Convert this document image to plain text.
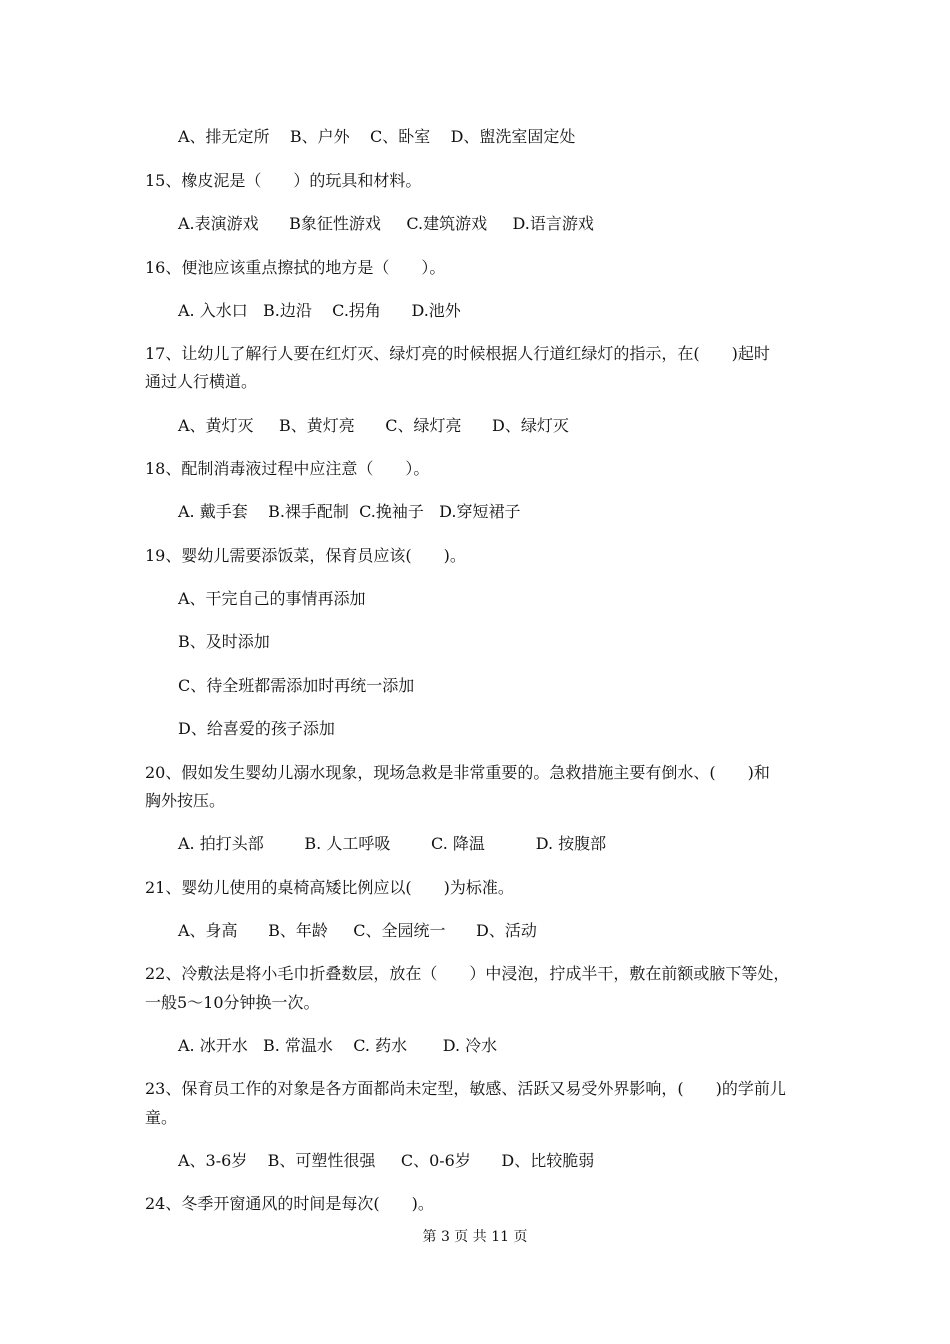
A、排无定所    B、户外    C、卧室    D、盥洗室固定处

15、橡皮泥是（　　）的玩具和材料。

A.表演游戏      B象征性游戏     C.建筑游戏     D.语言游戏

16、便池应该重点擦拭的地方是（　　）。

A. 入水口   B.边沿    C.拐角      D.池外

17、让幼儿了解行人要在红灯灭、绿灯亮的时候根据人行道红绿灯的指示，在(　　)起时

通过人行横道。

A、黄灯灭     B、黄灯亮      C、绿灯亮      D、绿灯灭

18、配制消毒液过程中应注意（　　）。

A. 戴手套    B.裸手配制  C.挽袖子   D.穿短裙子

19、婴幼儿需要添饭菜，保育员应该(　　)。

A、干完自己的事情再添加

B、及时添加

C、待全班都需添加时再统一添加

D、给喜爱的孩子添加

20、假如发生婴幼儿溺水现象，现场急救是非常重要的。急救措施主要有倒水、(　　)和

胸外按压。

A. 拍打头部        B. 人工呼吸        C. 降温          D. 按腹部

21、婴幼儿使用的桌椅高矮比例应以(　　)为标准。

A、身高      B、年龄     C、全园统一      D、活动

22、冷敷法是将小毛巾折叠数层，放在（　　）中浸泡，拧成半干，敷在前额或腋下等处，

一般5～10分钟换一次。

A. 冰开水   B. 常温水    C. 药水       D. 冷水

23、保育员工作的对象是各方面都尚未定型，敏感、活跃又易受外界影响，(　　)的学前儿

童。

A、3-6岁    B、可塑性很强     C、0-6岁      D、比较脆弱

24、冬季开窗通风的时间是每次(　　)。

第 3 页 共 11 页
